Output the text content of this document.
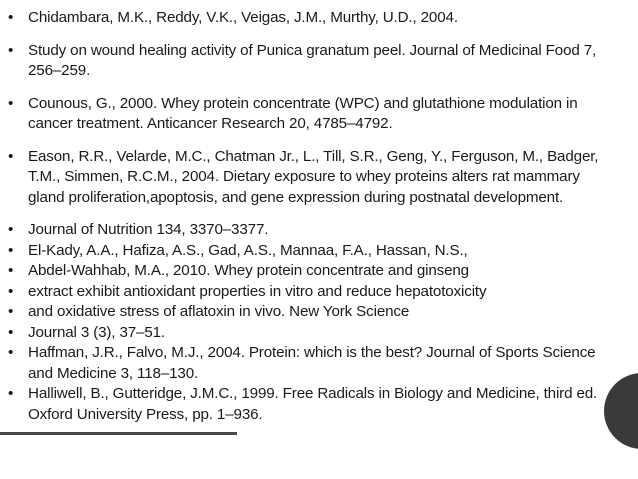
• Chidambara, M.K., Reddy, V.K., Veigas, J.M., Murthy, U.D., 2004.
• Study on wound healing activity of Punica granatum peel. Journal of Medicinal Food 7, 256–259.
• Counous, G., 2000. Whey protein concentrate (WPC) and glutathione modulation in cancer treatment. Anticancer Research 20, 4785–4792.
• Eason, R.R., Velarde, M.C., Chatman Jr., L., Till, S.R., Geng, Y., Ferguson, M., Badger, T.M., Simmen, R.C.M., 2004. Dietary exposure to whey proteins alters rat mammary gland proliferation,apoptosis, and gene expression during postnatal development.
• Journal of Nutrition 134, 3370–3377.
• El-Kady, A.A., Hafiza, A.S., Gad, A.S., Mannaa, F.A., Hassan, N.S.,
• Abdel-Wahhab, M.A., 2010. Whey protein concentrate and ginseng
• extract exhibit antioxidant properties in vitro and reduce hepatotoxicity
• and oxidative stress of aflatoxin in vivo. New York Science
• Journal 3 (3), 37–51.
• Haffman, J.R., Falvo, M.J., 2004. Protein: which is the best? Journal of Sports Science and Medicine 3, 118–130.
• Halliwell, B., Gutteridge, J.M.C., 1999. Free Radicals in Biology and Medicine, third ed. Oxford University Press, pp. 1–936.
